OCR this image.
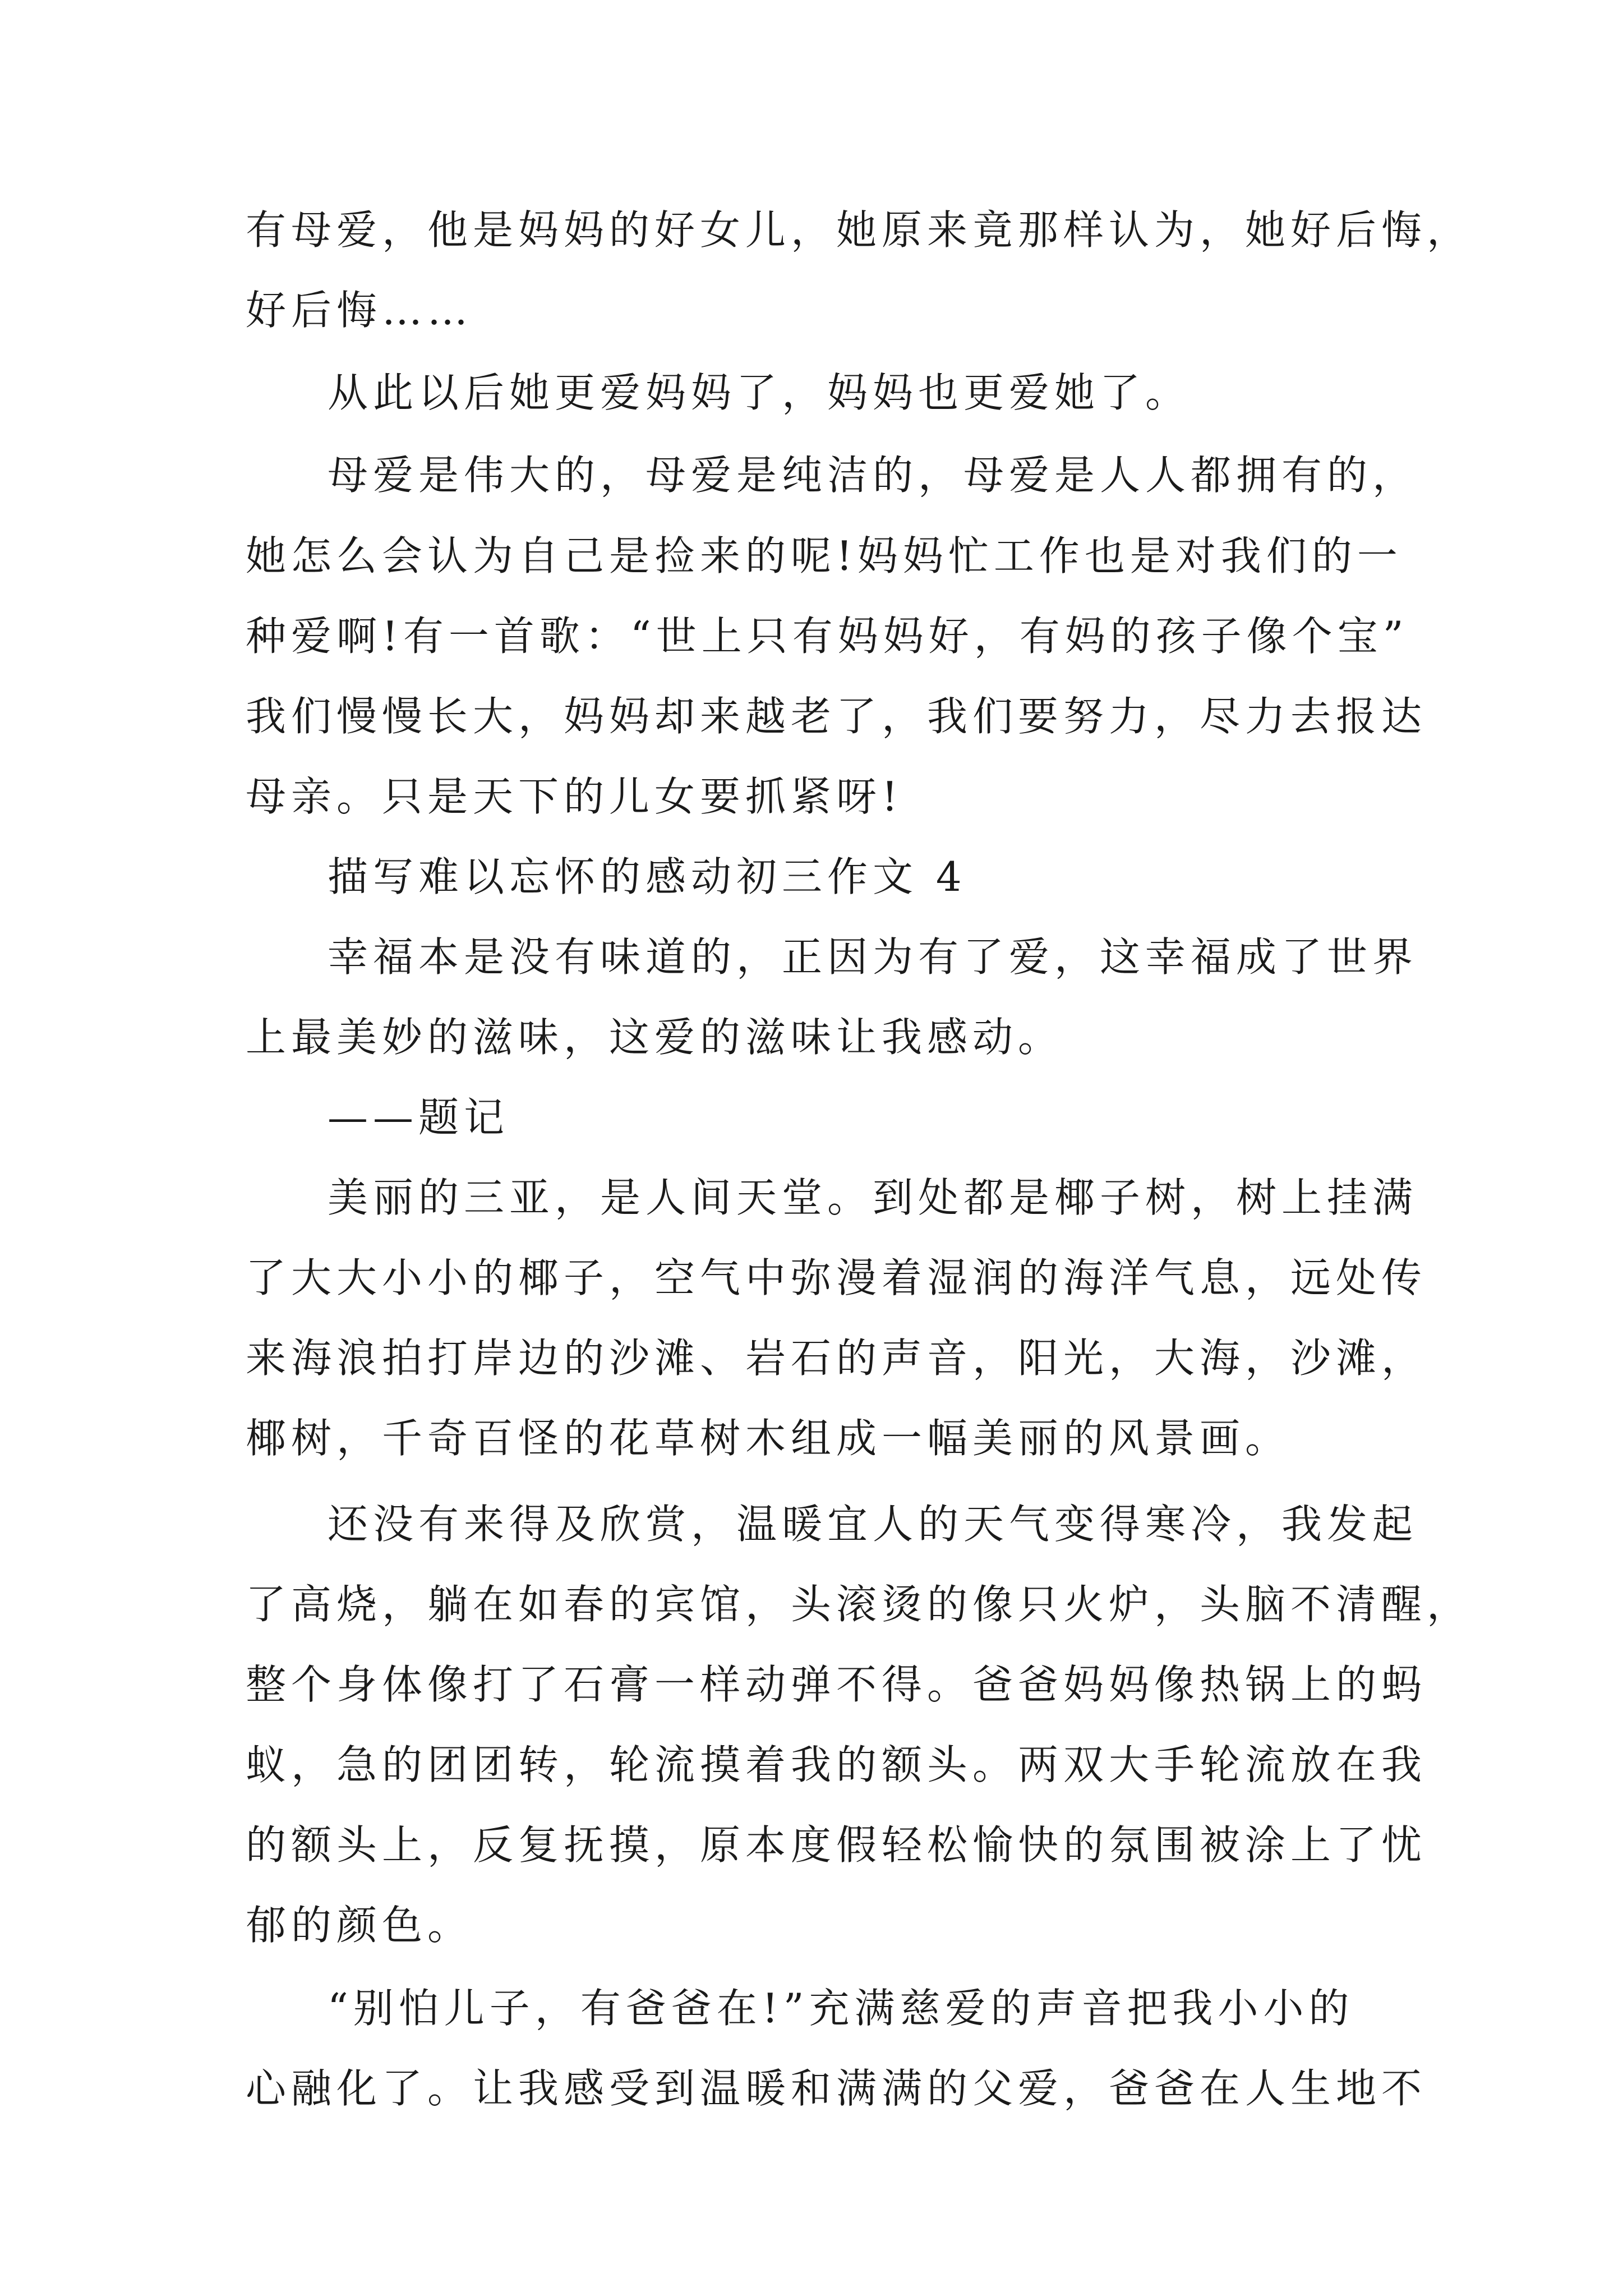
有母爱，他是妈妈的好女儿，她原来竟那样认为，她好后悔，
好后悔……
从此以后她更爱妈妈了，妈妈也更爱她了。
母爱是伟大的，母爱是纯洁的，母爱是人人都拥有的，
她怎么会认为自己是捡来的呢!妈妈忙工作也是对我们的一
种爱啊!有一首歌：“世上只有妈妈好，有妈的孩子像个宝”
我们慢慢长大，妈妈却来越老了，我们要努力，尽力去报达
母亲。只是天下的儿女要抓紧呀!
描写难以忘怀的感动初三作文 4
幸福本是没有味道的，正因为有了爱，这幸福成了世界
上最美妙的滋味，这爱的滋味让我感动。
——题记
美丽的三亚，是人间天堂。到处都是椰子树，树上挂满
了大大小小的椰子，空气中弥漫着湿润的海洋气息，远处传
来海浪拍打岸边的沙滩、岩石的声音，阳光，大海，沙滩，
椰树，千奇百怪的花草树木组成一幅美丽的风景画。
还没有来得及欣赏，温暖宜人的天气变得寒冷，我发起
了高烧，躺在如春的宾馆，头滚烫的像只火炉，头脑不清醒，
整个身体像打了石膏一样动弹不得。爸爸妈妈像热锅上的蚂
蚁，急的团团转，轮流摸着我的额头。两双大手轮流放在我
的额头上，反复抚摸，原本度假轻松愉快的氛围被涂上了忧
郁的颜色。
“别怕儿子，有爸爸在!”充满慈爱的声音把我小小的
心融化了。让我感受到温暖和满满的父爱，爸爸在人生地不
